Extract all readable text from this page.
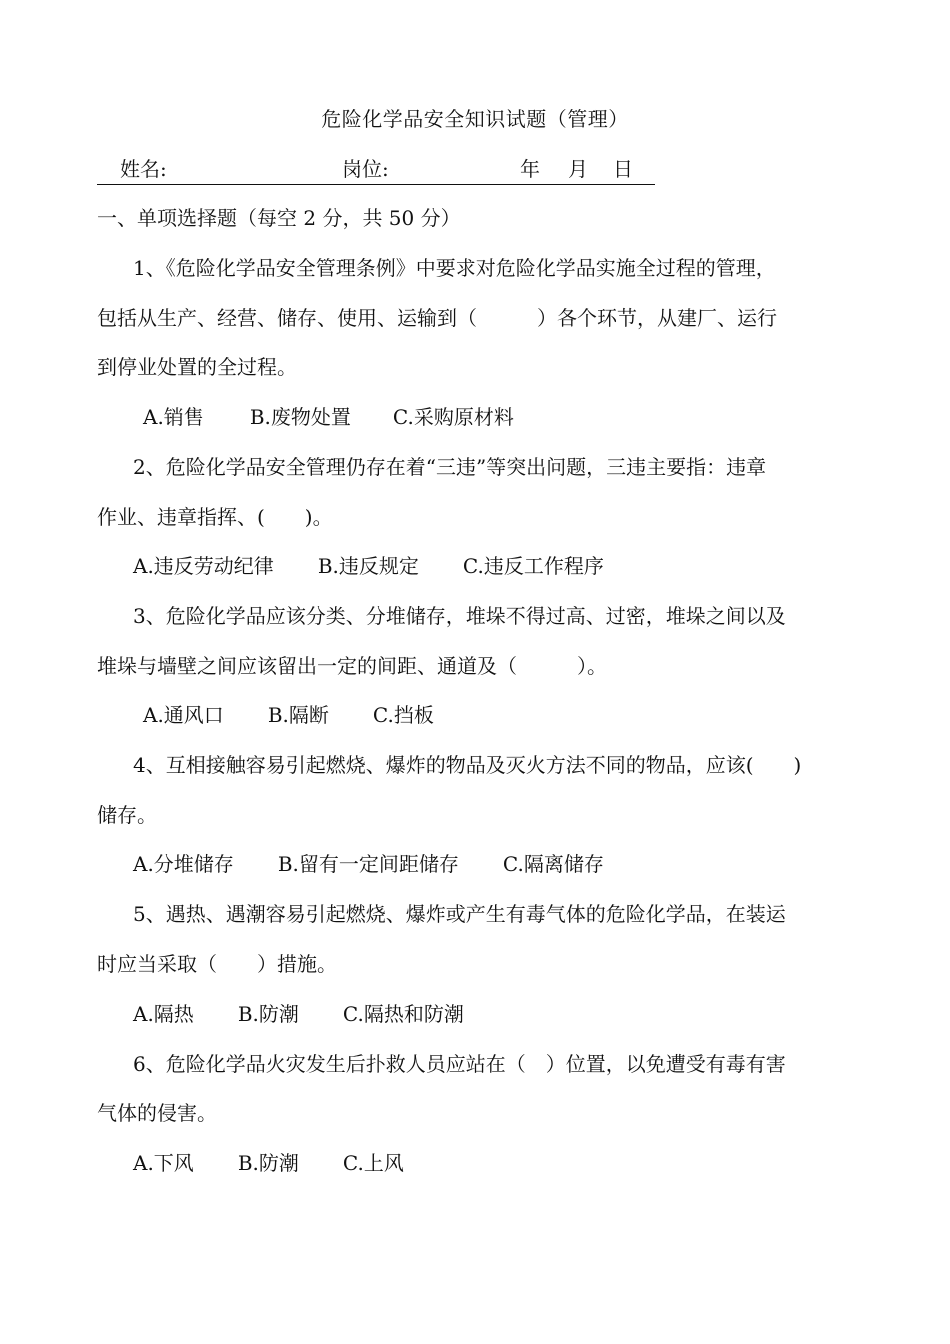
危险化学品安全知识试题（管理）
姓名:	岗位:	年 月 日
一、单项选择题（每空 2 分，共 50 分）
1、《危险化学品安全管理条例》中要求对危险化学品实施全过程的管理，
包括从生产、经营、储存、使用、运输到（　　　）各个环节，从建厂、运行
到停业处置的全过程。
A.销售 B.废物处置 C.采购原材料
2、危险化学品安全管理仍存在着“三违”等突出问题，三违主要指：违章
作业、违章指挥、(　　)。
A.违反劳动纪律 B.违反规定 C.违反工作程序
3、危险化学品应该分类、分堆储存，堆垛不得过高、过密，堆垛之间以及
堆垛与墙壁之间应该留出一定的间距、通道及（　　　）。
A.通风口 B.隔断 C.挡板
4、互相接触容易引起燃烧、爆炸的物品及灭火方法不同的物品，应该(　　)
储存。
A.分堆储存 B.留有一定间距储存 C.隔离储存
5、遇热、遇潮容易引起燃烧、爆炸或产生有毒气体的危险化学品，在装运
时应当采取（　　）措施。
A.隔热 B.防潮 C.隔热和防潮
6、危险化学品火灾发生后扑救人员应站在（　）位置，以免遭受有毒有害
气体的侵害。
A.下风 B.防潮 C.上风
